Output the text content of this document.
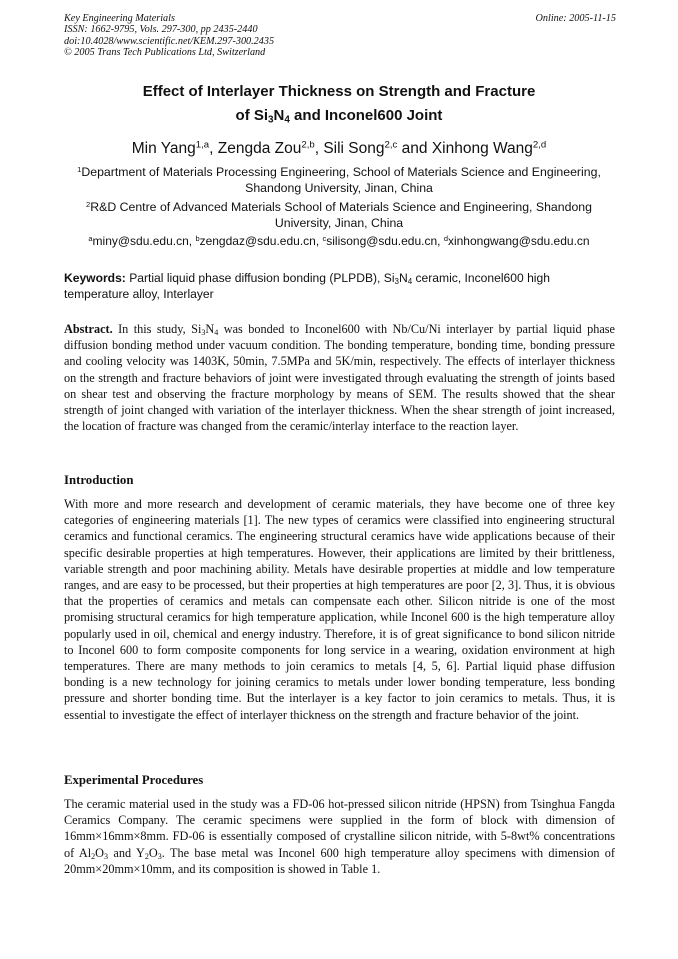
Key Engineering Materials
ISSN: 1662-9795, Vols. 297-300, pp 2435-2440
doi:10.4028/www.scientific.net/KEM.297-300.2435
© 2005 Trans Tech Publications Ltd, Switzerland
Online: 2005-11-15
Effect of Interlayer Thickness on Strength and Fracture
of $Si_3N_4$ and Inconel600 Joint
Min Yang$^{1,a}$, Zengda Zou$^{2,b}$, Sili Song$^{2,c}$ and Xinhong Wang$^{2,d}$
$^1$Department of Materials Processing Engineering, School of Materials Science and Engineering, Shandong University, Jinan, China
$^2$R&D Centre of Advanced Materials School of Materials Science and Engineering, Shandong University, Jinan, China
$^a$miny@sdu.edu.cn, $^b$zengdaz@sdu.edu.cn, $^c$silisong@sdu.edu.cn, $^d$xinhongwang@sdu.edu.cn
Keywords: Partial liquid phase diffusion bonding (PLPDB), $Si_3N_4$ ceramic, Inconel600 high temperature alloy, Interlayer
Abstract. In this study, $Si_3N_4$ was bonded to Inconel600 with Nb/Cu/Ni interlayer by partial liquid phase diffusion bonding method under vacuum condition. The bonding temperature, bonding time, bonding pressure and cooling velocity was 1403K, 50min, 7.5MPa and 5K/min, respectively. The effects of interlayer thickness on the strength and fracture behaviors of joint were investigated through evaluating the strength of joints based on shear test and observing the fracture morphology by means of SEM. The results showed that the shear strength of joint changed with variation of the interlayer thickness. When the shear strength of joint increased, the location of fracture was changed from the ceramic/interlay interface to the reaction layer.
Introduction
With more and more research and development of ceramic materials, they have become one of three key categories of engineering materials [1]. The new types of ceramics were classified into engineering structural ceramics and functional ceramics. The engineering structural ceramics have wide applications because of their specific desirable properties at high temperatures. However, their applications are limited by their brittleness, variable strength and poor machining ability. Metals have desirable properties at middle and low temperature ranges, and are easy to be processed, but their properties at high temperatures are poor [2, 3]. Thus, it is obvious that the properties of ceramics and metals can compensate each other. Silicon nitride is one of the most promising structural ceramics for high temperature application, while Inconel 600 is the high temperature alloy popularly used in oil, chemical and energy industry. Therefore, it is of great significance to bond silicon nitride to Inconel 600 to form composite components for long service in a wearing, oxidation environment at high temperatures. There are many methods to join ceramics to metals [4, 5, 6]. Partial liquid phase diffusion bonding is a new technology for joining ceramics to metals under lower bonding temperature, less bonding pressure and shorter bonding time. But the interlayer is a key factor to join ceramics to metals. Thus, it is essential to investigate the effect of interlayer thickness on the strength and fracture behavior of the joint.
Experimental Procedures
The ceramic material used in the study was a FD-06 hot-pressed silicon nitride (HPSN) from Tsinghua Fangda Ceramics Company. The ceramic specimens were supplied in the form of block with dimension of 16mm×16mm×8mm. FD-06 is essentially composed of crystalline silicon nitride, with 5-8wt% concentrations of $Al_2O_3$ and $Y_2O_3$. The base metal was Inconel 600 high temperature alloy specimens with dimension of 20mm×20mm×10mm, and its composition is showed in Table 1.
